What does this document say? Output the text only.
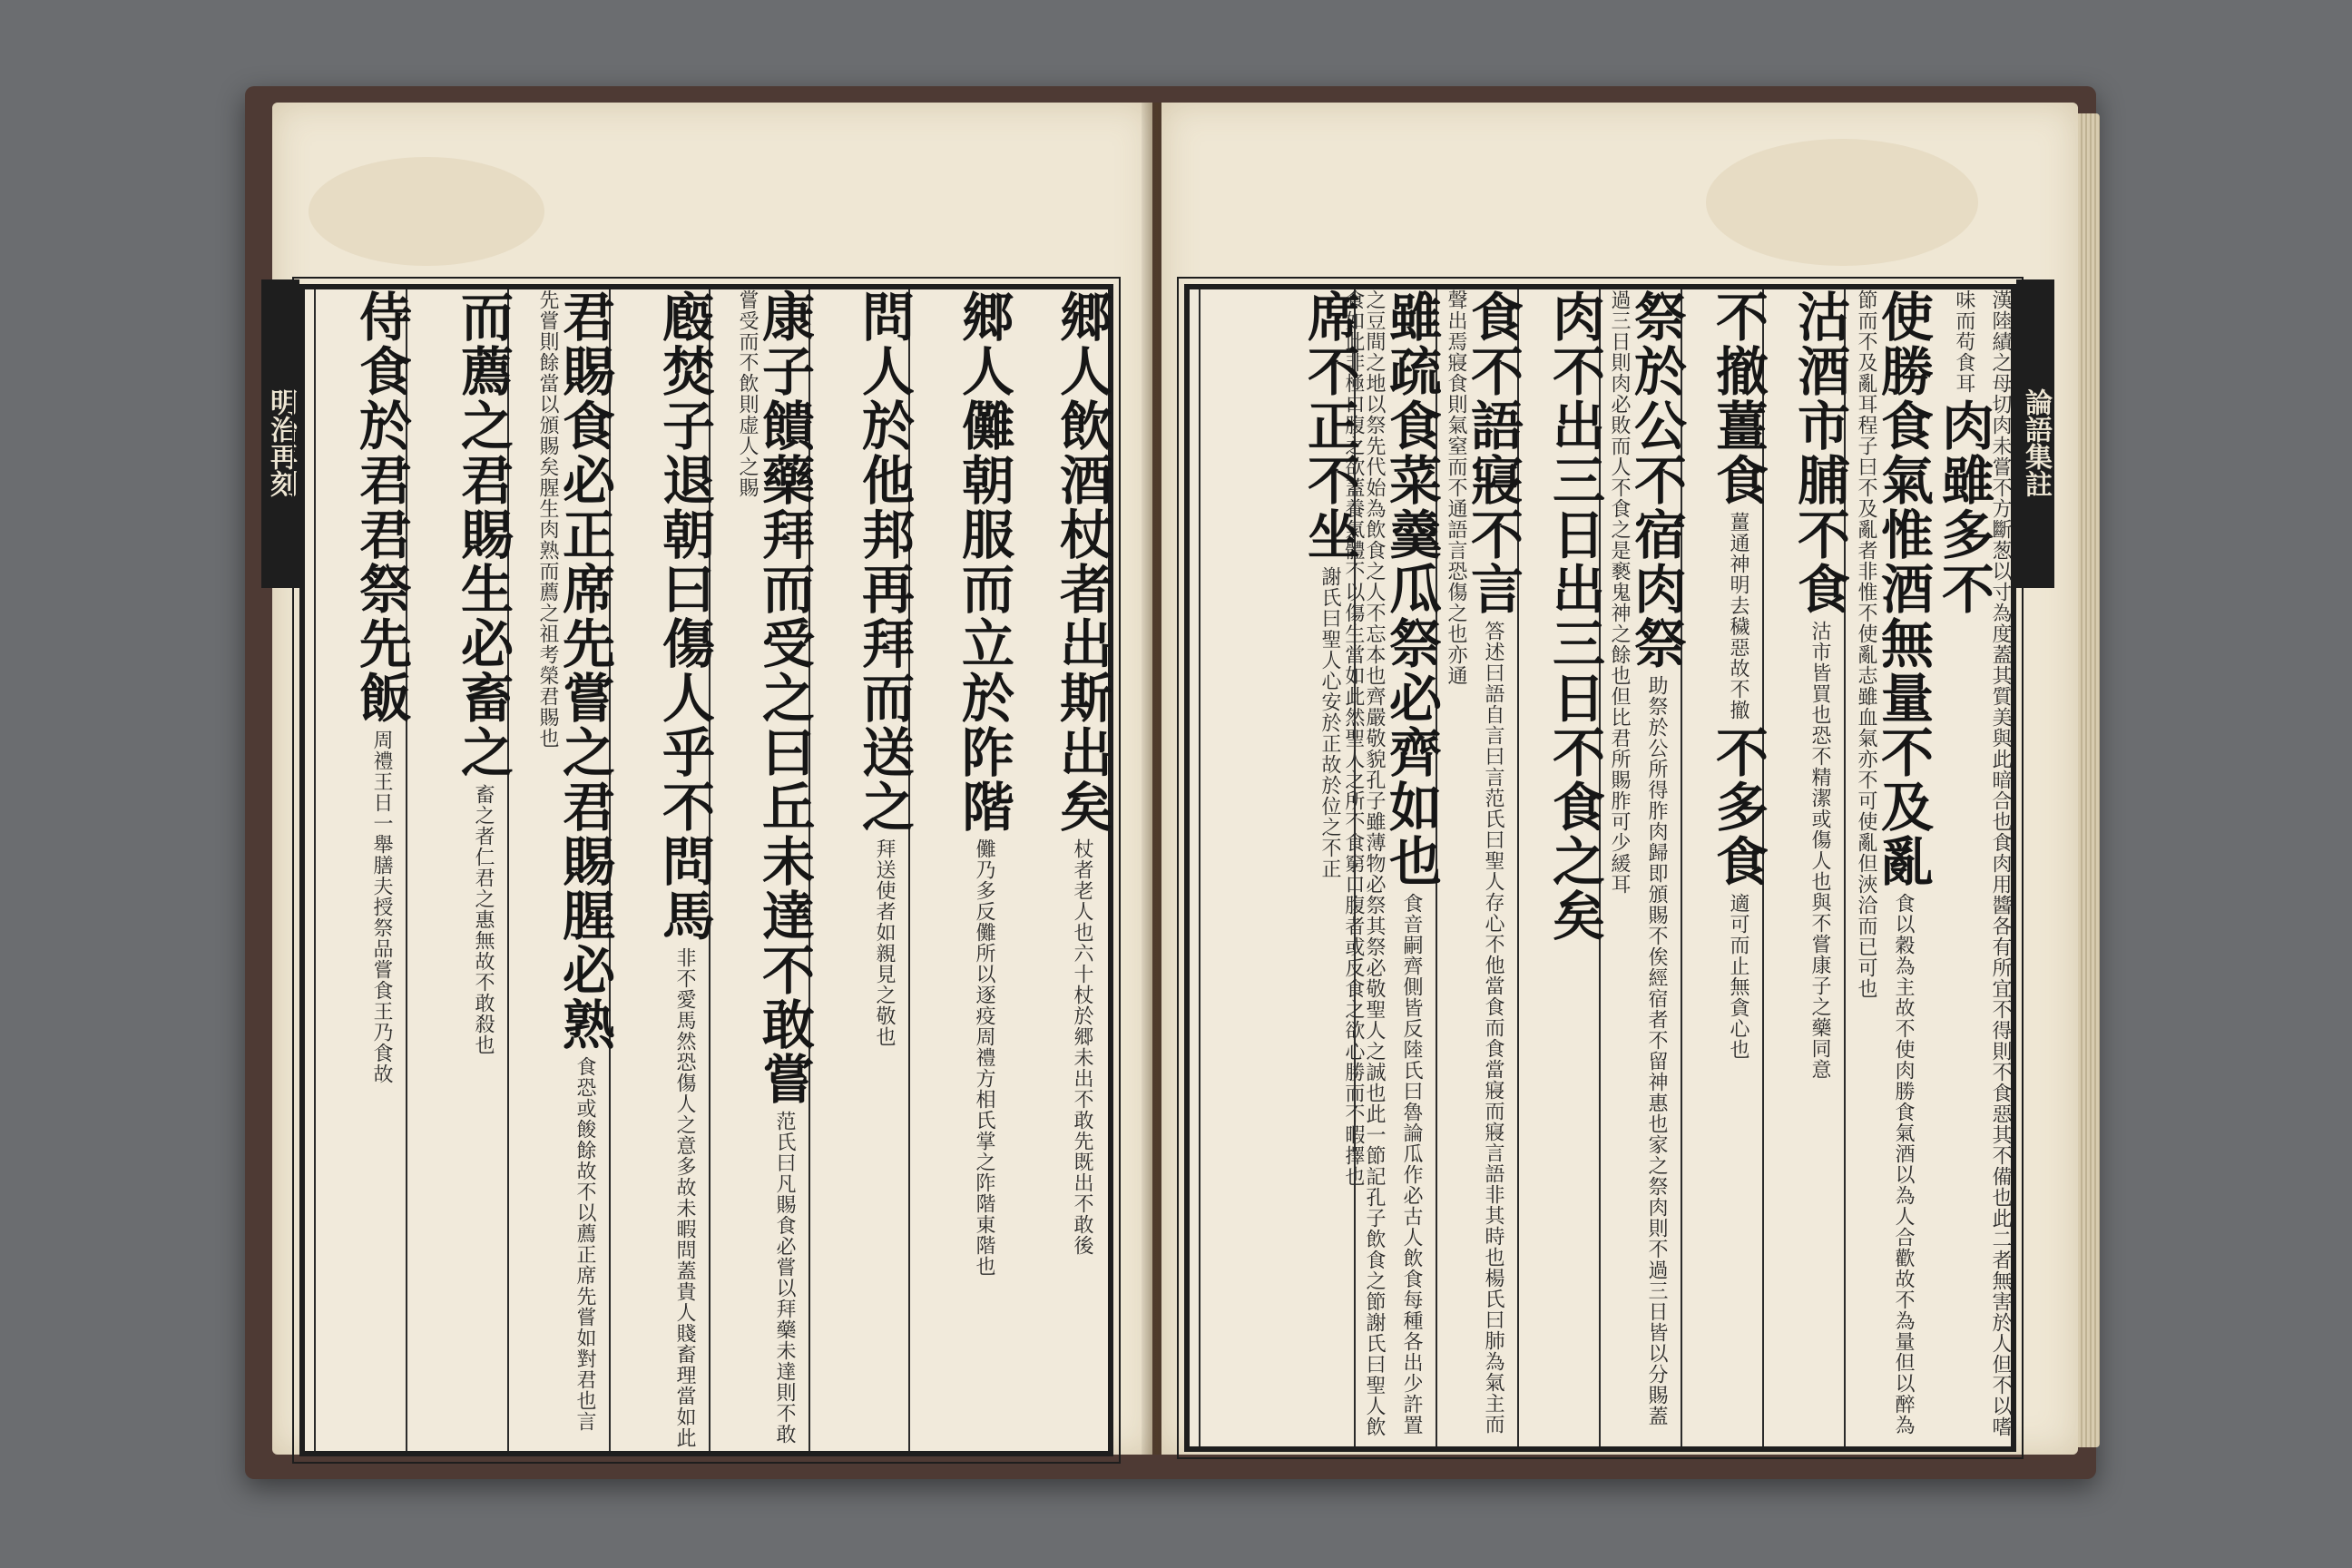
明治再刻	郷人飲酒杖者出斯出矣 杖者老人也六十杖於郷未出不敢先既出不敢後
郷人儺朝服而立於阼階 儺乃多反儺所以逐疫周禮方相氏掌之阼階東階也
問人於他邦再拜而送之 拜送使者如親見之敬也
康子饋藥拜而受之曰丘未達不敢嘗 范氏曰凡賜食必嘗以拜藥未達則不敢嘗受而不飲則虚人之賜
廏焚子退朝曰傷人乎不問馬 非不愛馬然恐傷人之意多故未暇問蓋貴人賤畜理當如此
君賜食必正席先嘗之君賜腥必熟 食恐或餕餘故不以薦正席先嘗如對君也言先嘗則餘當以頒賜矣腥生肉熟而薦之祖考榮君賜也
而薦之君賜生必畜之 畜之者仁君之惠無故不敢殺也
侍食於君君祭先飯 周禮王日一舉膳夫授祭品嘗食王乃食故
論語集註
漢陸績之母切肉未嘗不方斷葱以寸為度蓋其質美與此暗合也食肉用醬各有所宜不得則不食惡其不備也此二者無害於人但不以嗜味而苟食耳 肉雖多不
使勝食氣惟酒無量不及亂 食以穀為主故不使肉勝食氣酒以為人合歡故不為量但以醉為節而不及亂耳程子曰不及亂者非惟不使亂志雖血氣亦不可使亂但浹洽而已可也
沽酒市脯不食 沽市皆買也恐不精潔或傷人也與不嘗康子之藥同意
不撤薑食 薑通神明去穢惡故不撤 不多食 適可而止無貪心也
祭於公不宿肉祭 助祭於公所得胙肉歸即頒賜不俟經宿者不留神惠也家之祭肉則不過三日皆以分賜蓋過三日則肉必敗而人不食之是褻鬼神之餘也但比君所賜胙可少緩耳
肉不出三日出三日不食之矣
食不語寢不言 答述曰語自言曰言范氏曰聖人存心不他當食而食當寢而寢言語非其時也楊氏曰肺為氣主而聲出焉寢食則氣窒而不通語言恐傷之也亦通
雖疏食菜羹瓜祭必齊如也 食音嗣齊側皆反陸氏曰魯論瓜作必古人飲食每種各出少許置之豆間之地以祭先代始為飲食之人不忘本也齊嚴敬貌孔子雖薄物必祭其祭必敬聖人之誠也此一節記孔子飲食之節謝氏曰聖人飲食如此非極口腹之欲蓋養氣體不以傷生當如此然聖人之所不食窮口腹者或反食之欲心勝而不暇擇也
席不正不坐 謝氏曰聖人心安於正故於位之不正
